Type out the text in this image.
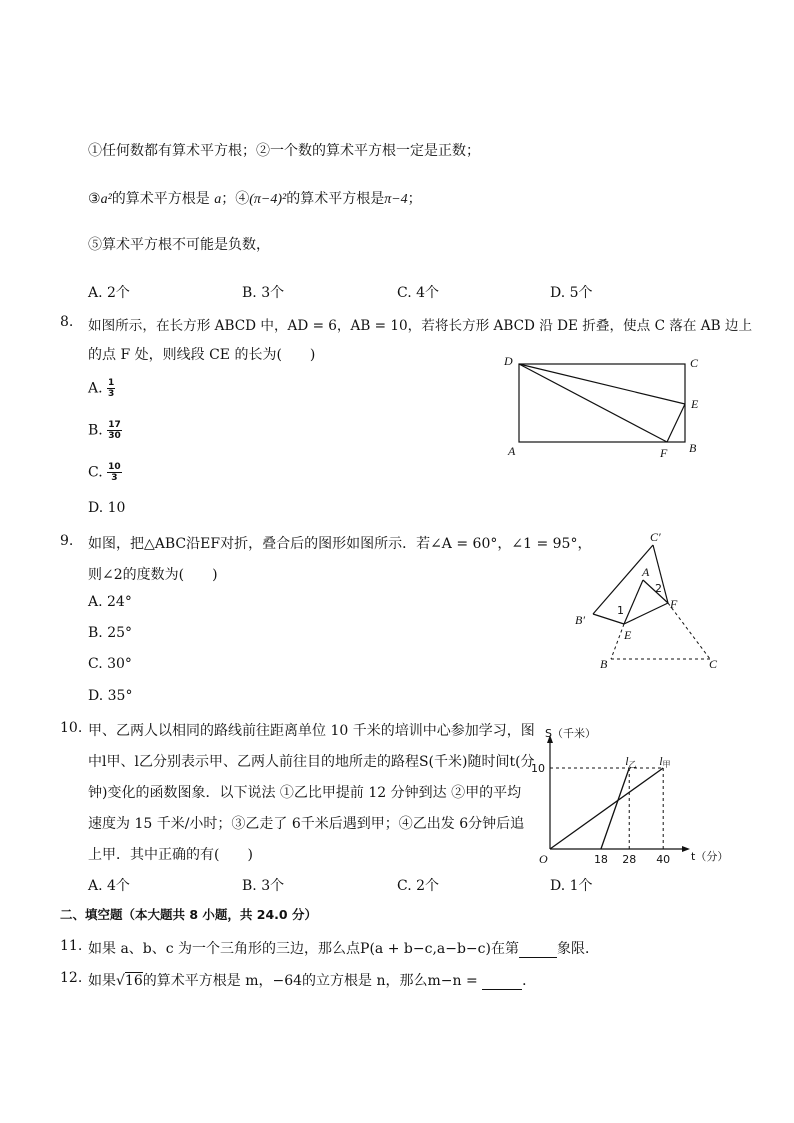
①任何数都有算术平方根；②一个数的算术平方根一定是正数；
③a²的算术平方根是 a；④(π−4)²的算术平方根是π−4；
⑤算术平方根不可能是负数，
A. 2个	B. 3个	C. 4个	D. 5个
8. 如图所示，在长方形 ABCD 中，AD = 6，AB = 10，若将长方形 ABCD 沿 DE 折叠，使点 C 落在 AB 边上
的点 F 处，则线段 CE 的长为(　　)
A. $\frac{1}{3}$
B. $\frac{17}{30}$
C. $\frac{10}{3}$
D. 10
D	C
E
A	F B
9. 如图，把△ABC沿EF对折，叠合后的图形如图所示．若∠A = 60°，∠1 = 95°，
则∠2的度数为(　　)
A. 24°
B. 25°
C. 30°
D. 35°
C′
A
2
F
1
B′
E
B	C
10. 甲、乙两人以相同的路线前往距离单位 10 千米的培训中心参加学习，图
中l甲、l乙分别表示甲、乙两人前往目的地所走的路程S(千米)随时间t(分
钟)变化的函数图象．以下说法 ①乙比甲提前 12 分钟到达 ②甲的平均
速度为 15 千米/小时；③乙走了 6千米后遇到甲；④乙出发 6分钟后追
上甲．其中正确的有(　　)
A. 4个	B. 3个	C. 2个	D. 1个
S（千米）
t（分）
O
l甲
l乙
18 28 40
10
二、填空题（本大题共 8 小题，共 24.0 分）
11. 如果 a、b、c 为一个三角形的三边，那么点P(a + b−c,a−b−c)在第	象限．
12. 如果√16的算术平方根是 m，−64的立方根是 n，那么m−n =	．
